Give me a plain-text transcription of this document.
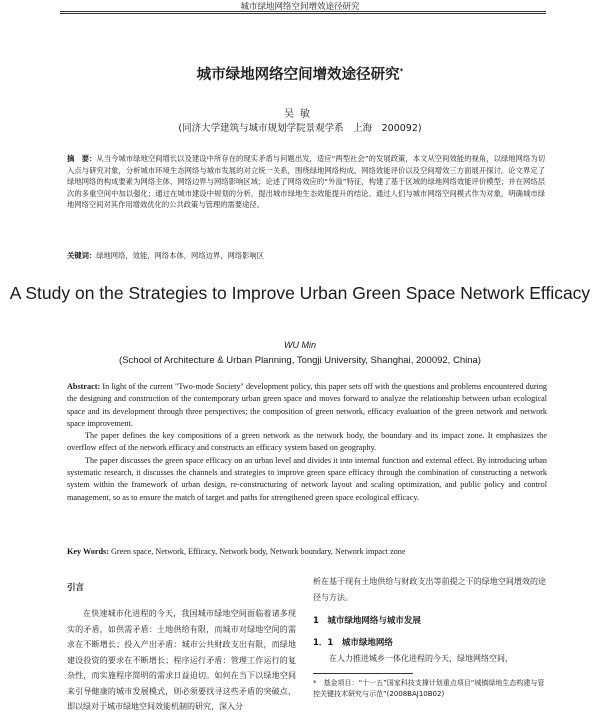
城市绿地网络空间增效途径研究
城市绿地网络空间增效途径研究*
吴敏
(同济大学建筑与城市规划学院景观学系　上海　200092)
摘　要：从当今城市绿地空间增长以及建设中所存在的现实矛盾与问题出发，适应“两型社会”的发展政策，本文从空间效能的视角，以绿地网络为切入点与研究对象，分析城市环境生态网络与城市发展的对立统一关系，围绕绿地网络构成、网络效能评价以及空间增效三方面展开探讨。论文界定了绿地网络的构成要素为网络主体、网络边界与网络影响区域；论述了网络效应的“外溢”特征，构建了基于区域的绿地网络效能评价模型；并在网络层次的多重空间中加以强化；通过在城市建设中规划的分析，提出城市绿地生态效能提升的结论。通过人们与城市网络空间模式作为对象，明确城市绿地网络空间对其作用增效优化的公共政策与管理的需要途径。
关键词：绿地网络，效能，网络本体，网络边界，网络影响区
A Study on the Strategies to Improve Urban Green Space Network Efficacy
WU Min
(School of Architecture & Urban Planning, Tongji University, Shanghai, 200092, China)

Abstract: In light of the current "Two-mode Society" development policy, this paper sets off with the questions and problems encountered during the designing and construction of the contemporary urban green space and moves forward to analyze the relationship between urban ecological space and its development through three perspectives; the composition of green network, efficacy evaluation of the green network and network space improvement.

The paper defines the key compositions of a green network as the network body, the boundary and its impact zone. It emphasizes the overflow effect of the network efficacy and constructs an efficacy system based on geography.

The paper discusses the green space efficacy on an urban level and divides it into internal function and external effect. By introducing urban systematic research, it discusses the channels and strategies to improve green space efficacy through the combination of constructing a network system within the framework of urban design, re-constructuring of network layout and scaling optimization, and public policy and control management, so as to ensure the match of target and paths for strengthened green space ecological efficacy.

Key Words: Green space, Network, Efficacy, Network body, Network boundary, Network impact zone

引言

在快速城市化进程的今天，我国城市绿地空间面临着诸多现实的矛盾，如供需矛盾：土地供给有限，而城市对绿地空间的需求在不断增长；投入产出矛盾：城市公共财政支出有限，而绿地建设投资的要求在不断增长；程序运行矛盾：管理工作运行的复杂性，而实施程序简明的需求日益迫切。如何在当下以绿地空间来引导健康的城市发展模式，则必须要找寻这些矛盾的突破点，即以绿对于城市绿地空间效能机制的研究，深入分

析在基于现有土地供给与财政支出等前提之下的绿地空间增效的途径与方法。

1　城市绿地网络与城市发展

1．1　城市绿地网络

在人力推进城乡一体化进程的今天，绿地网络空间，

*　基金项目：“十一五”国家科技支撑计划重点项目“城镇绿地生态构建与管控关键技术研究与示范”(2008BAJ10B02)
